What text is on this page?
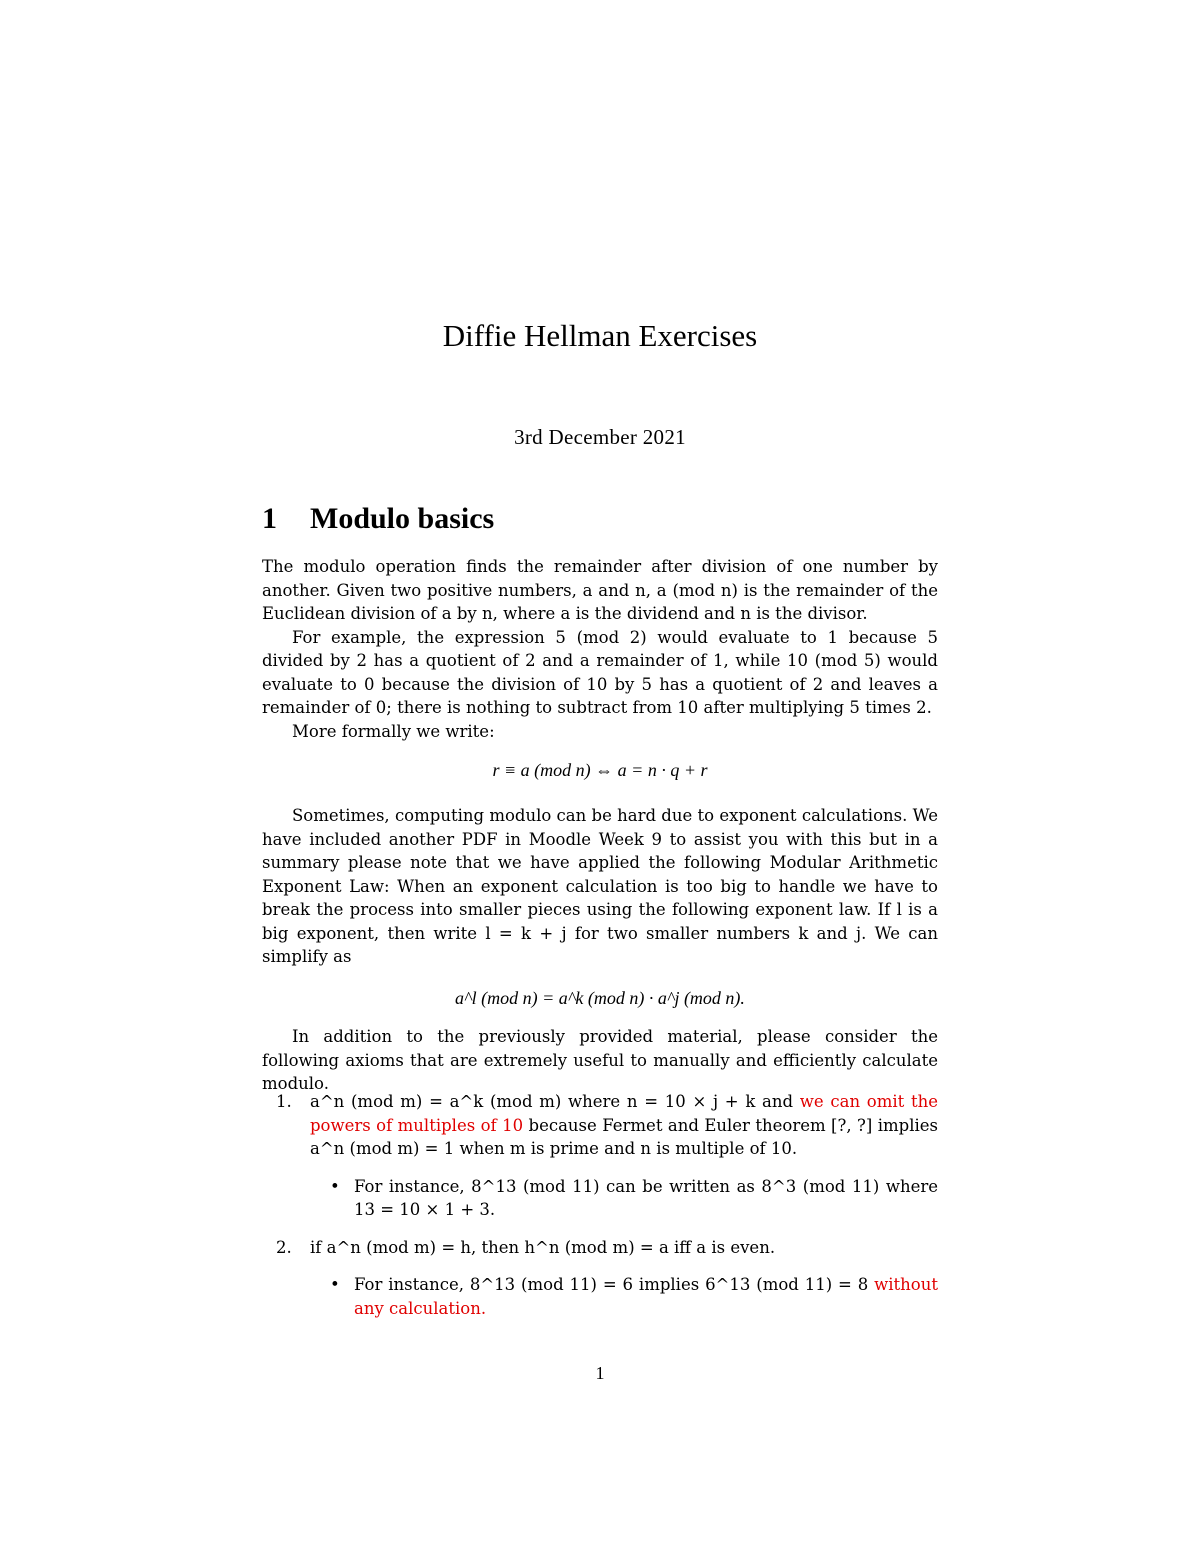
Diffie Hellman Exercises
3rd December 2021
1 Modulo basics

The modulo operation finds the remainder after division of one number by another. Given two positive numbers, a and n, a (mod n) is the remainder of the Euclidean division of a by n, where a is the dividend and n is the divisor.

For example, the expression 5 (mod 2) would evaluate to 1 because 5 divided by 2 has a quotient of 2 and a remainder of 1, while 10 (mod 5) would evaluate to 0 because the division of 10 by 5 has a quotient of 2 and leaves a remainder of 0; there is nothing to subtract from 10 after multiplying 5 times 2.

More formally we write:

r ≡ a (mod n) ⇔ a = n · q + r

Sometimes, computing modulo can be hard due to exponent calculations. We have included another PDF in Moodle Week 9 to assist you with this but in a summary please note that we have applied the following Modular Arithmetic Exponent Law: When an exponent calculation is too big to handle we have to break the process into smaller pieces using the following exponent law. If l is a big exponent, then write l = k + j for two smaller numbers k and j. We can simplify as

a^l (mod n) = a^k (mod n) · a^j (mod n).

In addition to the previously provided material, please consider the following axioms that are extremely useful to manually and efficiently calculate modulo.

1. a^n (mod m) = a^k (mod m) where n = 10 × j + k and we can omit the powers of multiples of 10 because Fermet and Euler theorem [?, ?] implies a^n (mod m) = 1 when m is prime and n is multiple of 10.
• For instance, 8^13 (mod 11) can be written as 8^3 (mod 11) where 13 = 10 × 1 + 3.
2. if a^n (mod m) = h, then h^n (mod m) = a iff a is even.
• For instance, 8^13 (mod 11) = 6 implies 6^13 (mod 11) = 8 without any calculation.
1
